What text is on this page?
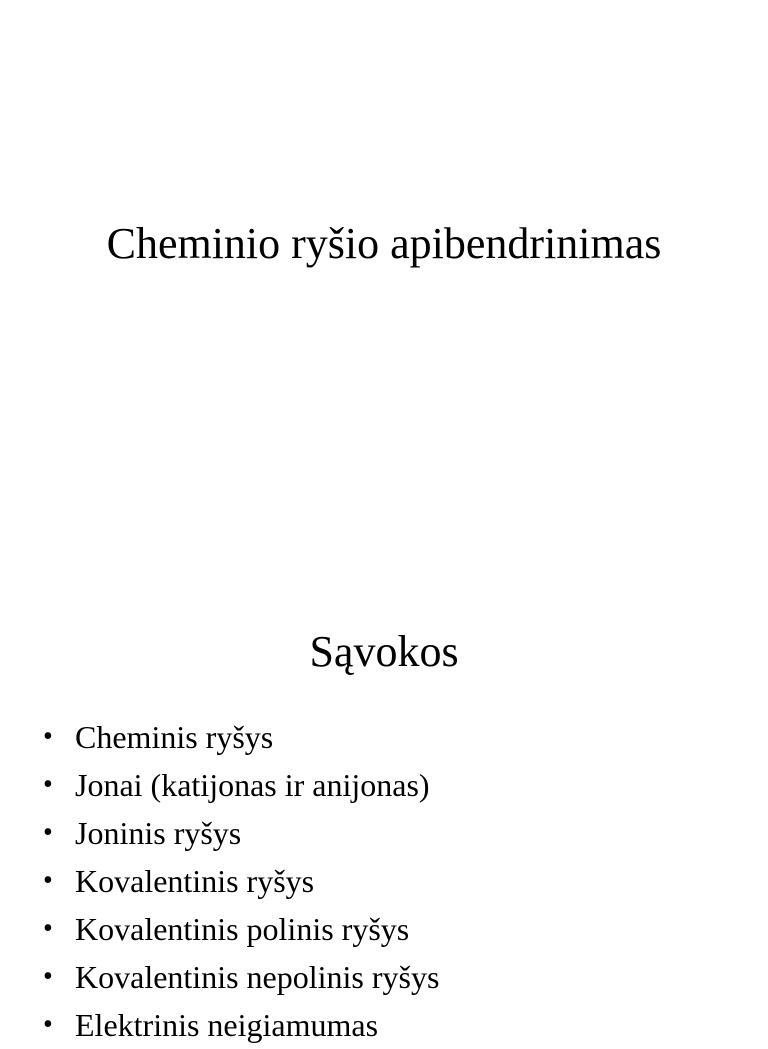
Cheminio ryšio apibendrinimas
Sąvokos
• Cheminis ryšys
• Jonai (katijonas ir anijonas)
• Joninis ryšys
• Kovalentinis ryšys
• Kovalentinis polinis ryšys
• Kovalentinis nepolinis ryšys
• Elektrinis neigiamumas
